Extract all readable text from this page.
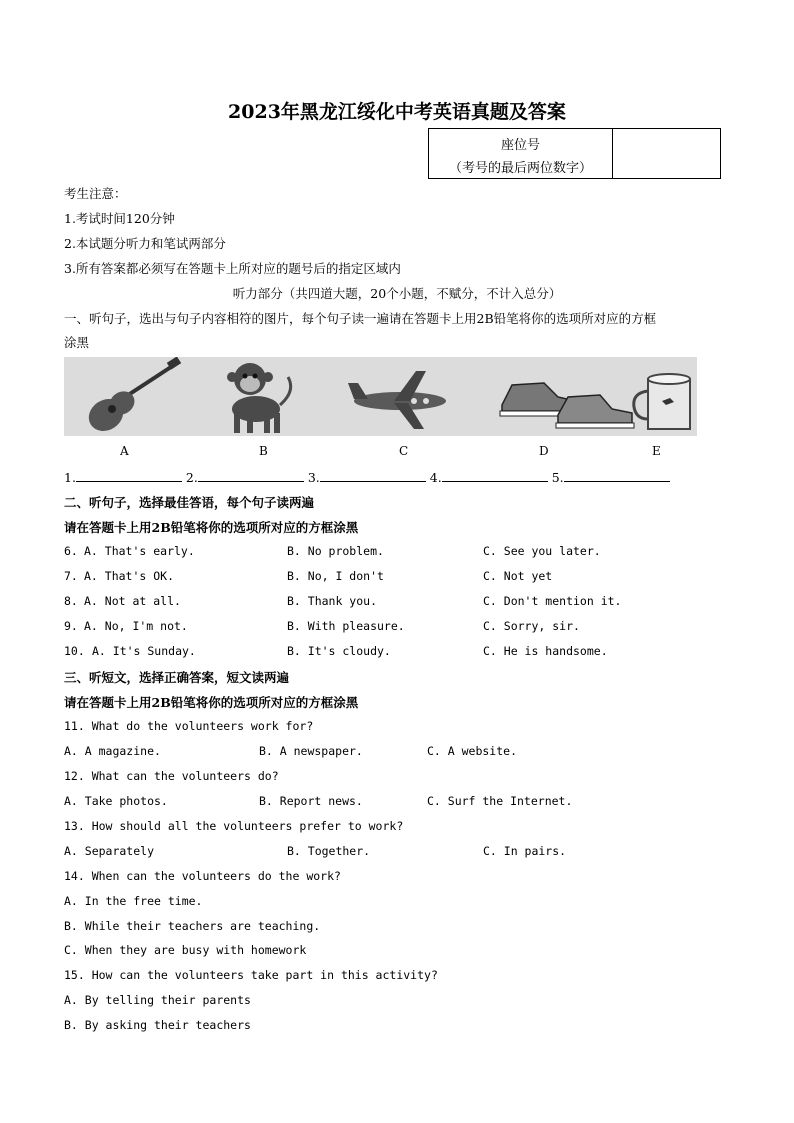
2023年黑龙江绥化中考英语真题及答案
座位号
（考号的最后两位数字）
考生注意：
1.考试时间120分钟
2.本试题分听力和笔试两部分
3.所有答案都必须写在答题卡上所对应的题号后的指定区域内
听力部分（共四道大题，20个小题，不赋分，不计入总分）
一、听句子，选出与句子内容相符的图片，每个句子读一遍请在答题卡上用2B铅笔将你的选项所对应的方框
涂黑
A	B	C	D	E
1.	2.	3.	4.	5.
二、听句子，选择最佳答语，每个句子读两遍
请在答题卡上用2B铅笔将你的选项所对应的方框涂黑
6. A. That's early.	B. No problem.	C. See you later.
7. A. That's OK.	B. No, I don't	C. Not yet
8. A. Not at all.	B. Thank you.	C. Don't mention it.
9. A. No, I'm not.	B. With pleasure.	C. Sorry, sir.
10. A. It's Sunday.	B. It's cloudy.	C. He is handsome.
三、听短文，选择正确答案，短文读两遍
请在答题卡上用2B铅笔将你的选项所对应的方框涂黑
11. What do the volunteers work for?
A. A magazine.	B. A newspaper.	C. A website.
12. What can the volunteers do?
A. Take photos.	B. Report news.	C. Surf the Internet.
13. How should all the volunteers prefer to work?
A. Separately	B. Together.	C. In pairs.
14. When can the volunteers do the work?
A. In the free time.
B. While their teachers are teaching.
C. When they are busy with homework
15. How can the volunteers take part in this activity?
A. By telling their parents
B. By asking their teachers
